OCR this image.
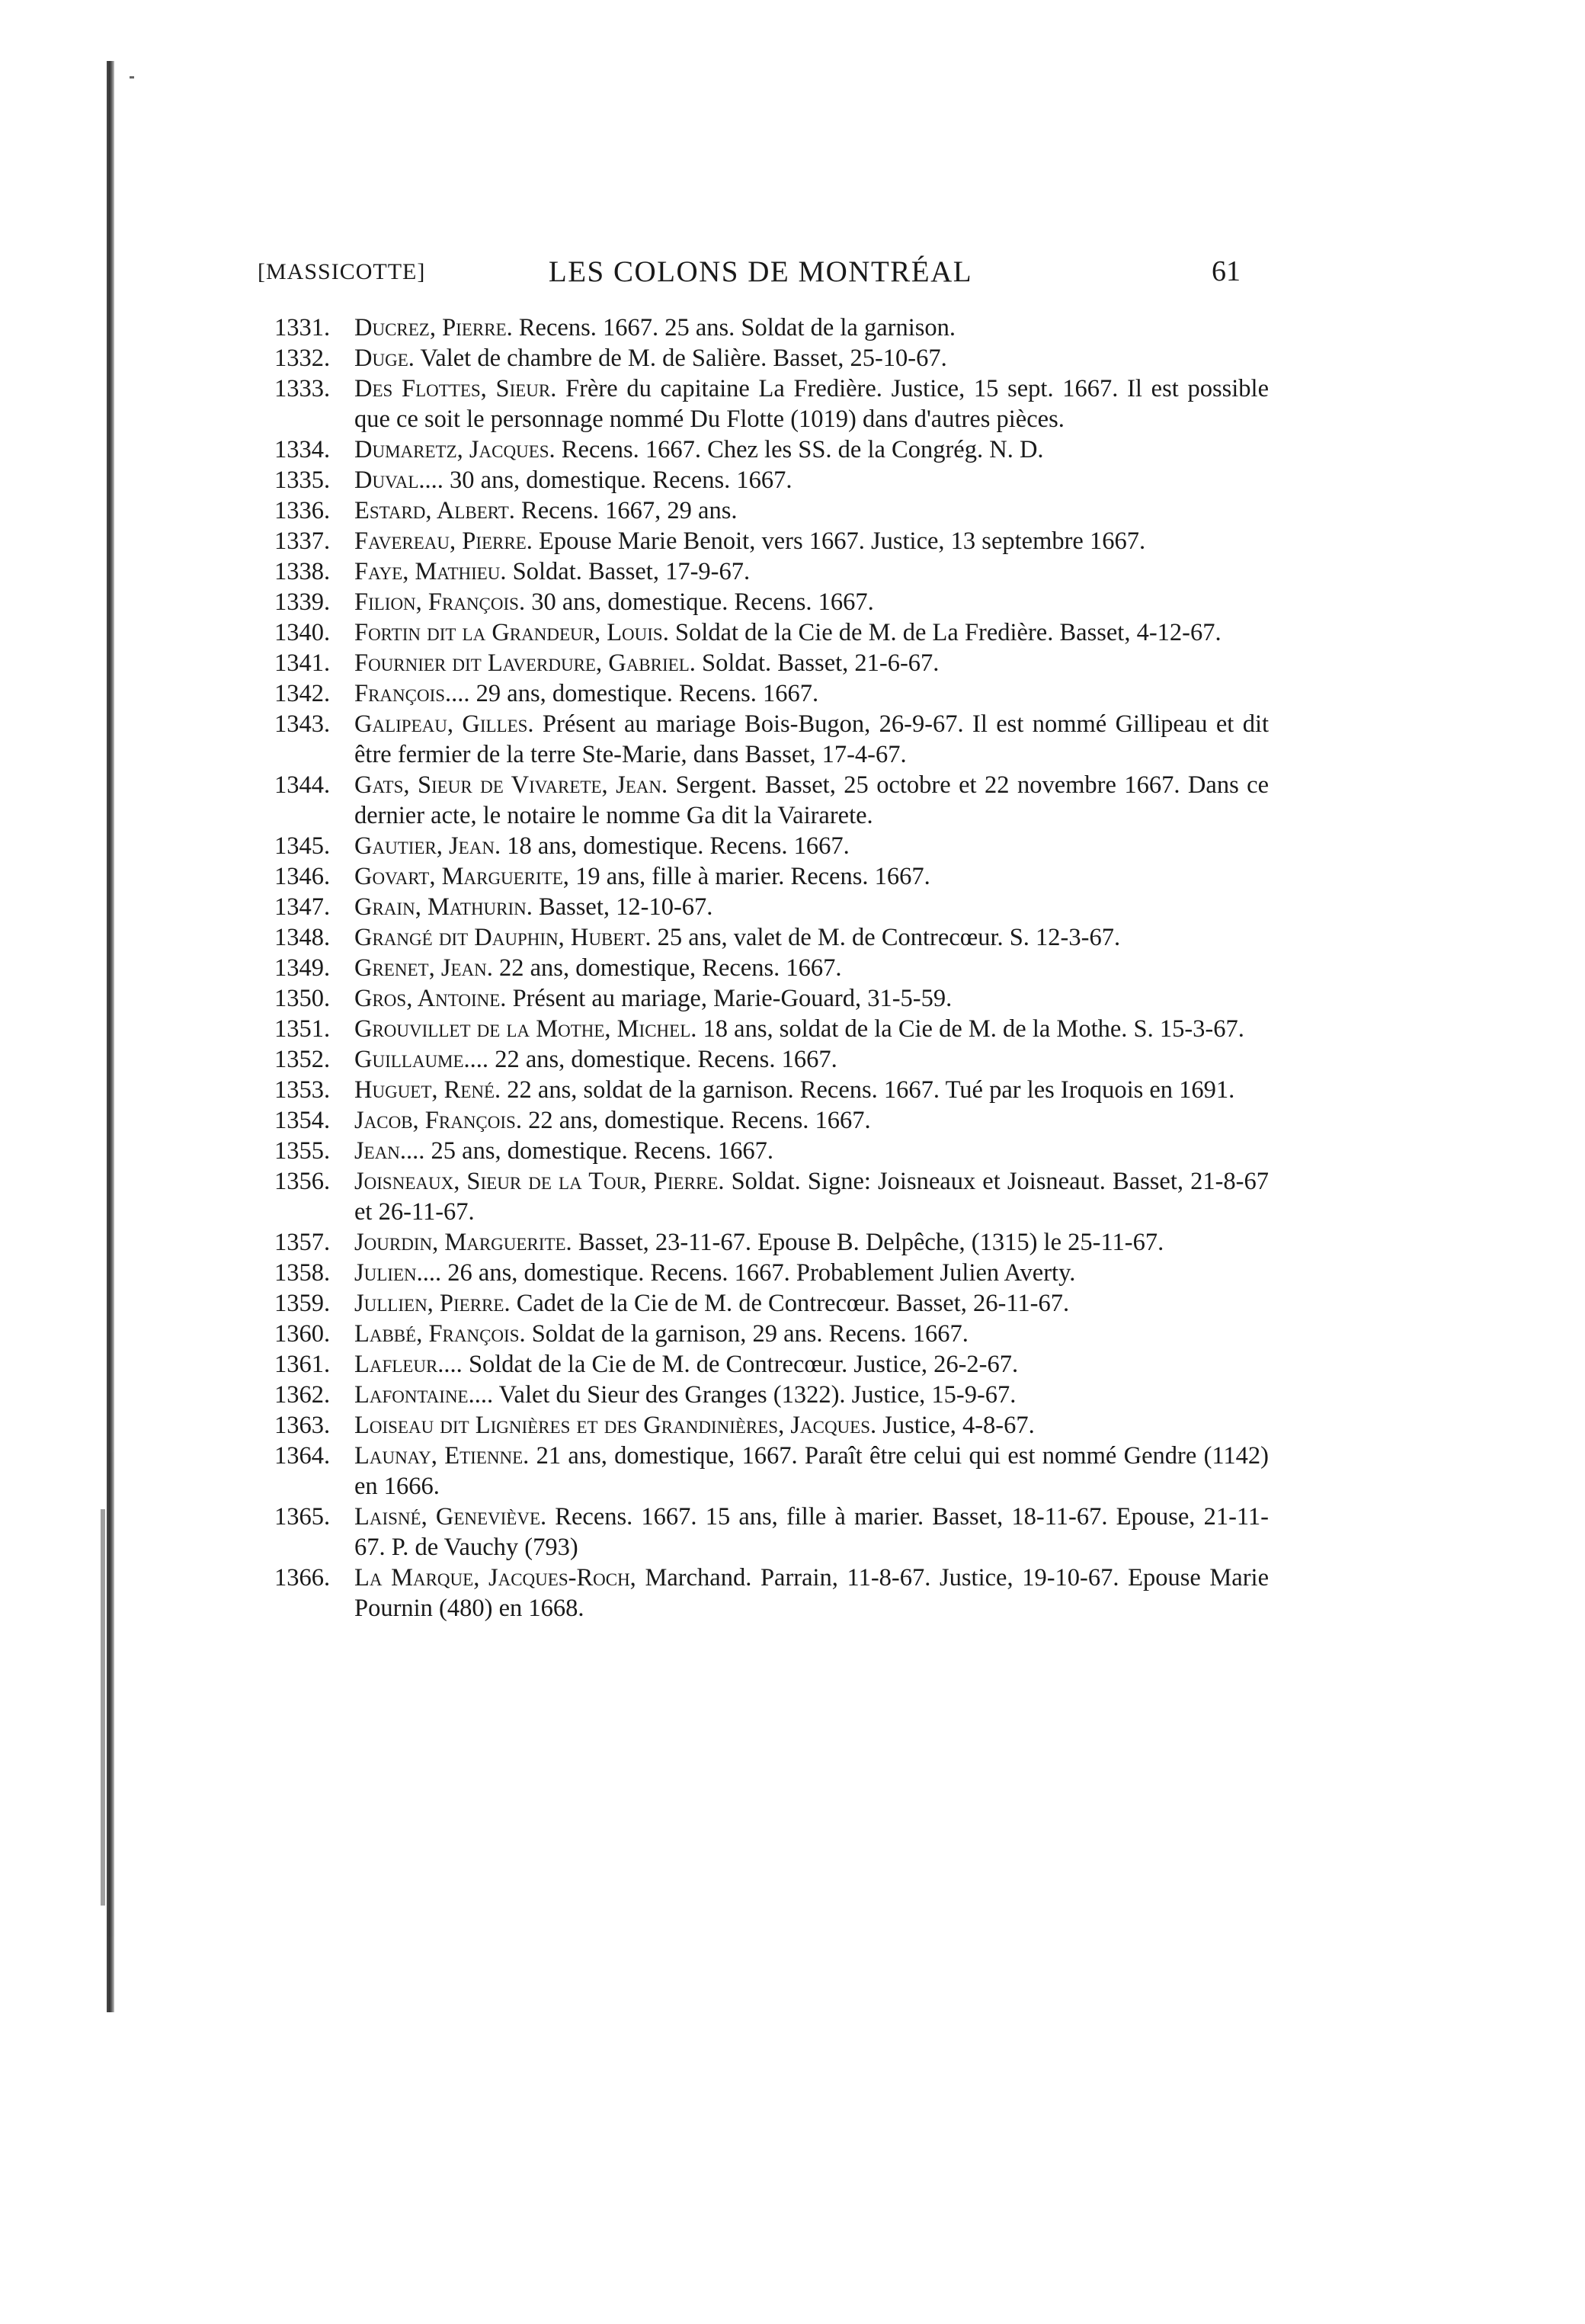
[MASSICOTTE]	LES COLONS DE MONTRÉAL	61
1331. Ducrez, Pierre. Recens. 1667. 25 ans. Soldat de la garnison.
1332. Duge. Valet de chambre de M. de Salière. Basset, 25-10-67.
1333. Des Flottes, Sieur. Frère du capitaine La Fredière. Justice, 15 sept. 1667. Il est possible que ce soit le personnage nommé Du Flotte (1019) dans d'autres pièces.
1334. Dumaretz, Jacques. Recens. 1667. Chez les SS. de la Congrég. N. D.
1335. Duval.... 30 ans, domestique. Recens. 1667.
1336. Estard, Albert. Recens. 1667, 29 ans.
1337. Favereau, Pierre. Epouse Marie Benoit, vers 1667. Justice, 13 septembre 1667.
1338. Faye, Mathieu. Soldat. Basset, 17-9-67.
1339. Filion, François. 30 ans, domestique. Recens. 1667.
1340. Fortin dit la Grandeur, Louis. Soldat de la Cie de M. de La Fredière. Basset, 4-12-67.
1341. Fournier dit Laverdure, Gabriel. Soldat. Basset, 21-6-67.
1342. François.... 29 ans, domestique. Recens. 1667.
1343. Galipeau, Gilles. Présent au mariage Bois-Bugon, 26-9-67. Il est nommé Gillipeau et dit être fermier de la terre Ste-Marie, dans Basset, 17-4-67.
1344. Gats, Sieur de Vivarete, Jean. Sergent. Basset, 25 octobre et 22 novembre 1667. Dans ce dernier acte, le notaire le nomme Ga dit la Vairarete.
1345. Gautier, Jean. 18 ans, domestique. Recens. 1667.
1346. Govart, Marguerite, 19 ans, fille à marier. Recens. 1667.
1347. Grain, Mathurin. Basset, 12-10-67.
1348. Grangé dit Dauphin, Hubert. 25 ans, valet de M. de Contrecœur. S. 12-3-67.
1349. Grenet, Jean. 22 ans, domestique, Recens. 1667.
1350. Gros, Antoine. Présent au mariage, Marie-Gouard, 31-5-59.
1351. Grouvillet de la Mothe, Michel. 18 ans, soldat de la Cie de M. de la Mothe. S. 15-3-67.
1352. Guillaume.... 22 ans, domestique. Recens. 1667.
1353. Huguet, René. 22 ans, soldat de la garnison. Recens. 1667. Tué par les Iroquois en 1691.
1354. Jacob, François. 22 ans, domestique. Recens. 1667.
1355. Jean.... 25 ans, domestique. Recens. 1667.
1356. Joisneaux, Sieur de la Tour, Pierre. Soldat. Signe: Joisneaux et Joisneaut. Basset, 21-8-67 et 26-11-67.
1357. Jourdin, Marguerite. Basset, 23-11-67. Epouse B. Delpêche, (1315) le 25-11-67.
1358. Julien.... 26 ans, domestique. Recens. 1667. Probablement Julien Averty.
1359. Jullien, Pierre. Cadet de la Cie de M. de Contrecœur. Basset, 26-11-67.
1360. Labbé, François. Soldat de la garnison, 29 ans. Recens. 1667.
1361. Lafleur.... Soldat de la Cie de M. de Contrecœur. Justice, 26-2-67.
1362. Lafontaine.... Valet du Sieur des Granges (1322). Justice, 15-9-67.
1363. Loiseau dit Lignières et des Grandinières, Jacques. Justice, 4-8-67.
1364. Launay, Etienne. 21 ans, domestique, 1667. Paraît être celui qui est nommé Gendre (1142) en 1666.
1365. Laisné, Geneviève. Recens. 1667. 15 ans, fille à marier. Basset, 18-11-67. Epouse, 21-11-67. P. de Vauchy (793)
1366. La Marque, Jacques-Roch, Marchand. Parrain, 11-8-67. Justice, 19-10-67. Epouse Marie Pournin (480) en 1668.
